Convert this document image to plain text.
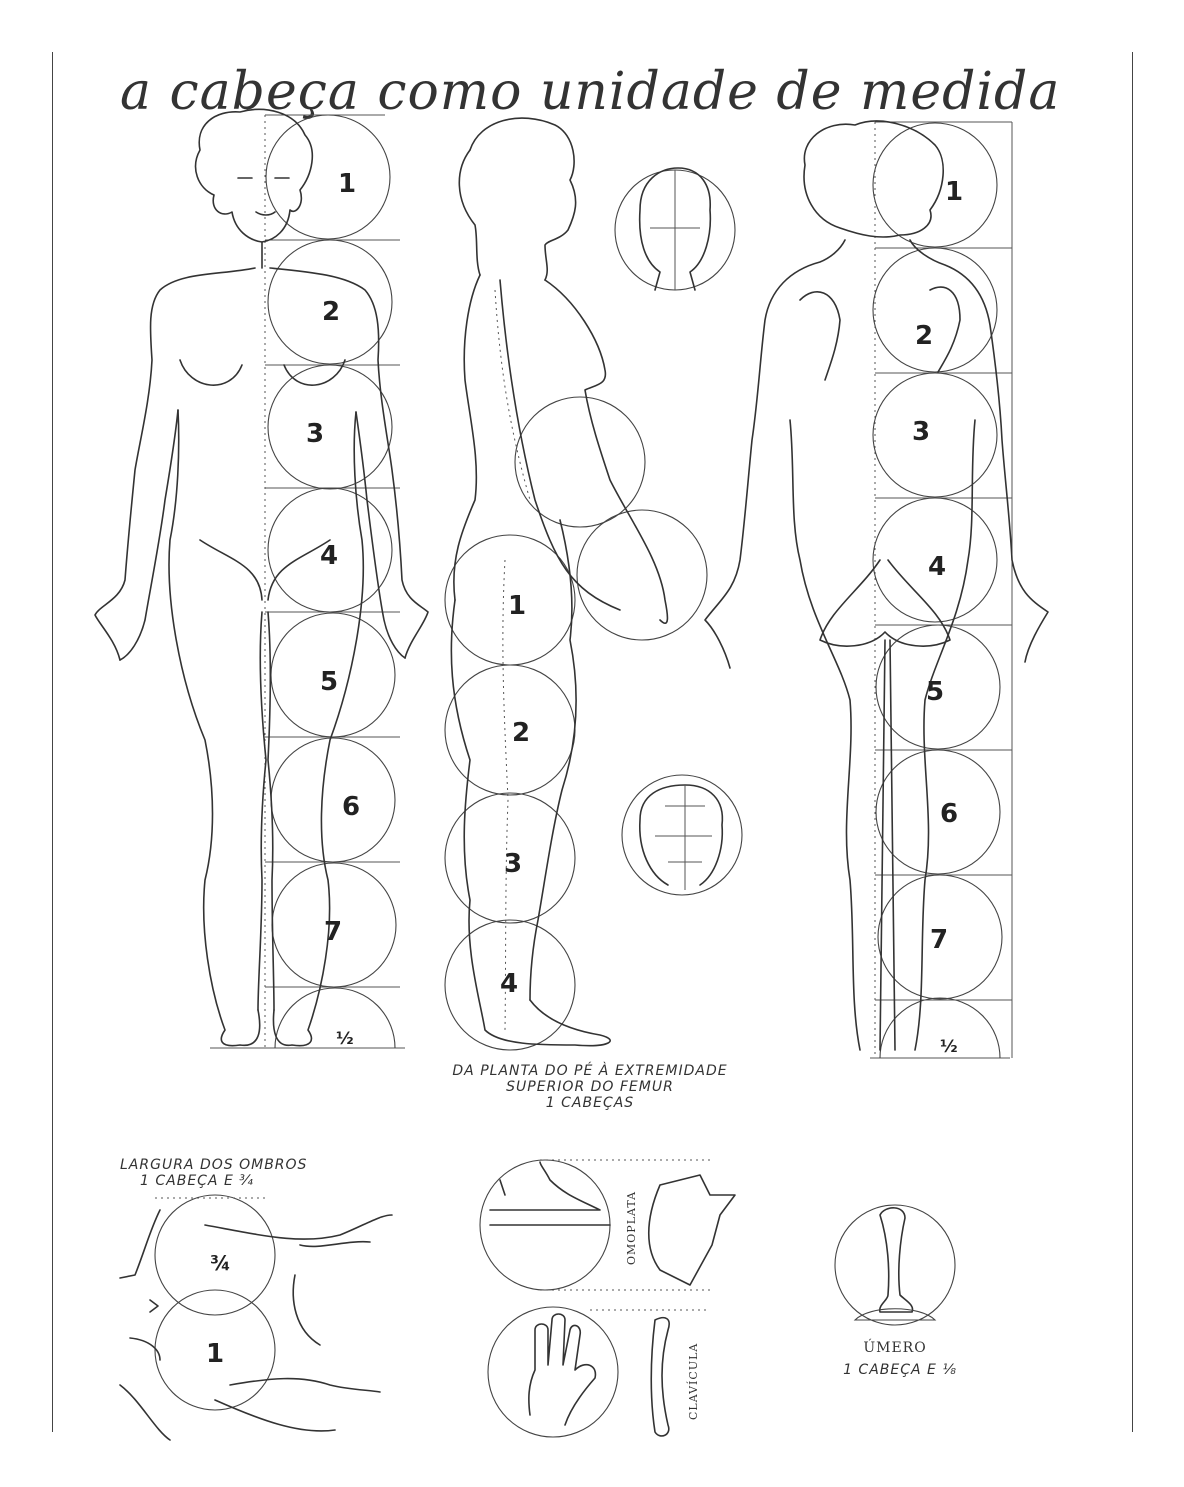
a cabeça como unidade de medida
1
2
3
4
5
6
7
½
1
2
3
4
1
2
3
4
5
6
7
½
¾
1
OMOPLATA
CLAVÍCULA
DA PLANTA DO PÉ À EXTREMIDADE
SUPERIOR DO FEMUR
1 CABEÇAS
LARGURA DOS OMBROS
1 CABEÇA E ¾
ÚMERO
1 CABEÇA E ⅛
